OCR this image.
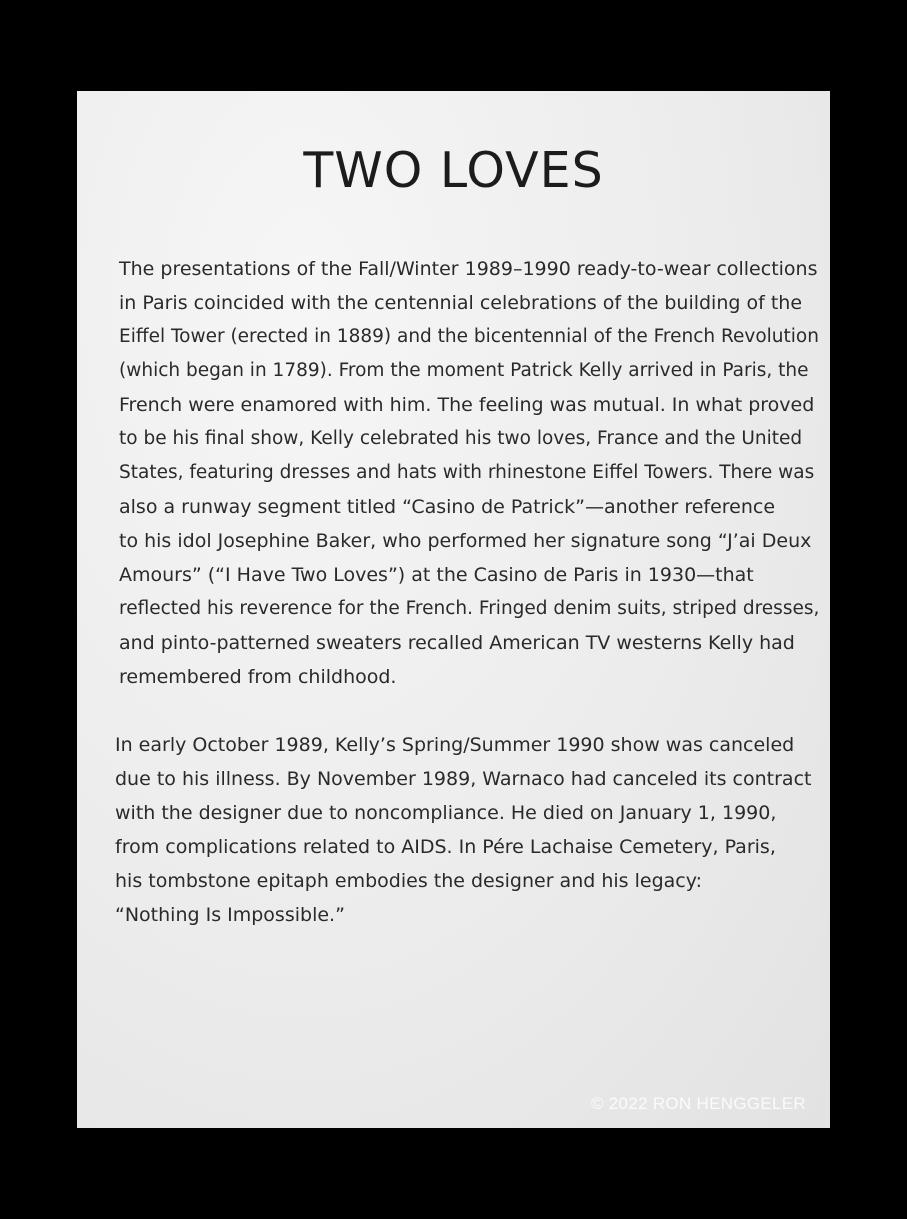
TWO LOVES

The presentations of the Fall/Winter 1989–1990 ready-to-wear collections
in Paris coincided with the centennial celebrations of the building of the
Eiffel Tower (erected in 1889) and the bicentennial of the French Revolution
(which began in 1789). From the moment Patrick Kelly arrived in Paris, the
French were enamored with him. The feeling was mutual. In what proved
to be his final show, Kelly celebrated his two loves, France and the United
States, featuring dresses and hats with rhinestone Eiffel Towers. There was
also a runway segment titled “Casino de Patrick”—another reference
to his idol Josephine Baker, who performed her signature song “J’ai Deux
Amours” (“I Have Two Loves”) at the Casino de Paris in 1930—that
reflected his reverence for the French. Fringed denim suits, striped dresses,
and pinto-patterned sweaters recalled American TV westerns Kelly had
remembered from childhood.

In early October 1989, Kelly’s Spring/Summer 1990 show was canceled
due to his illness. By November 1989, Warnaco had canceled its contract
with the designer due to noncompliance. He died on January 1, 1990,
from complications related to AIDS. In Pére Lachaise Cemetery, Paris,
his tombstone epitaph embodies the designer and his legacy:
“Nothing Is Impossible.”

© 2022 RON HENGGELER
